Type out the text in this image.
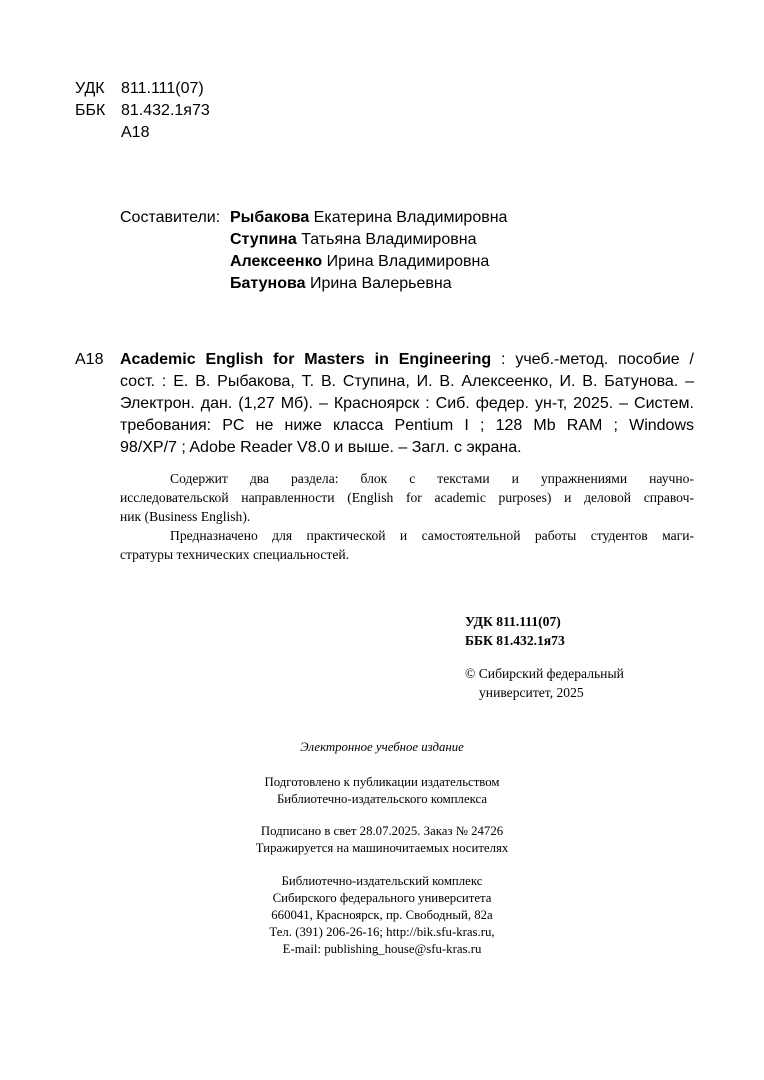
УДК 811.111(07)
ББК 81.432.1я73
А18
Составители: Рыбакова Екатерина Владимировна
Ступина Татьяна Владимировна
Алексеенко Ирина Владимировна
Батунова Ирина Валерьевна
А18 Academic English for Masters in Engineering : учеб.-метод. пособие /
сост. : Е. В. Рыбакова, Т. В. Ступина, И. В. Алексеенко, И. В. Батунова. –
Электрон. дан. (1,27 Мб). – Красноярск : Сиб. федер. ун-т, 2025. – Систем.
требования: PC не ниже класса Pentium I ; 128 Mb RAM ; Windows
98/XP/7 ; Adobe Reader V8.0 и выше. – Загл. с экрана.
Содержит два раздела: блок с текстами и упражнениями научно-
исследовательской направленности (English for academic purposes) и деловой справоч-
ник (Business English).
Предназначено для практической и самостоятельной работы студентов маги-
стратуры технических специальностей.
УДК 811.111(07)
ББК 81.432.1я73
© Сибирский федеральный
университет, 2025
Электронное учебное издание
Подготовлено к публикации издательством
Библиотечно-издательского комплекса
Подписано в свет 28.07.2025. Заказ № 24726
Тиражируется на машиночитаемых носителях
Библиотечно-издательский комплекс
Сибирского федерального университета
660041, Красноярск, пр. Свободный, 82а
Тел. (391) 206-26-16; http://bik.sfu-kras.ru,
E-mail: publishing_house@sfu-kras.ru
